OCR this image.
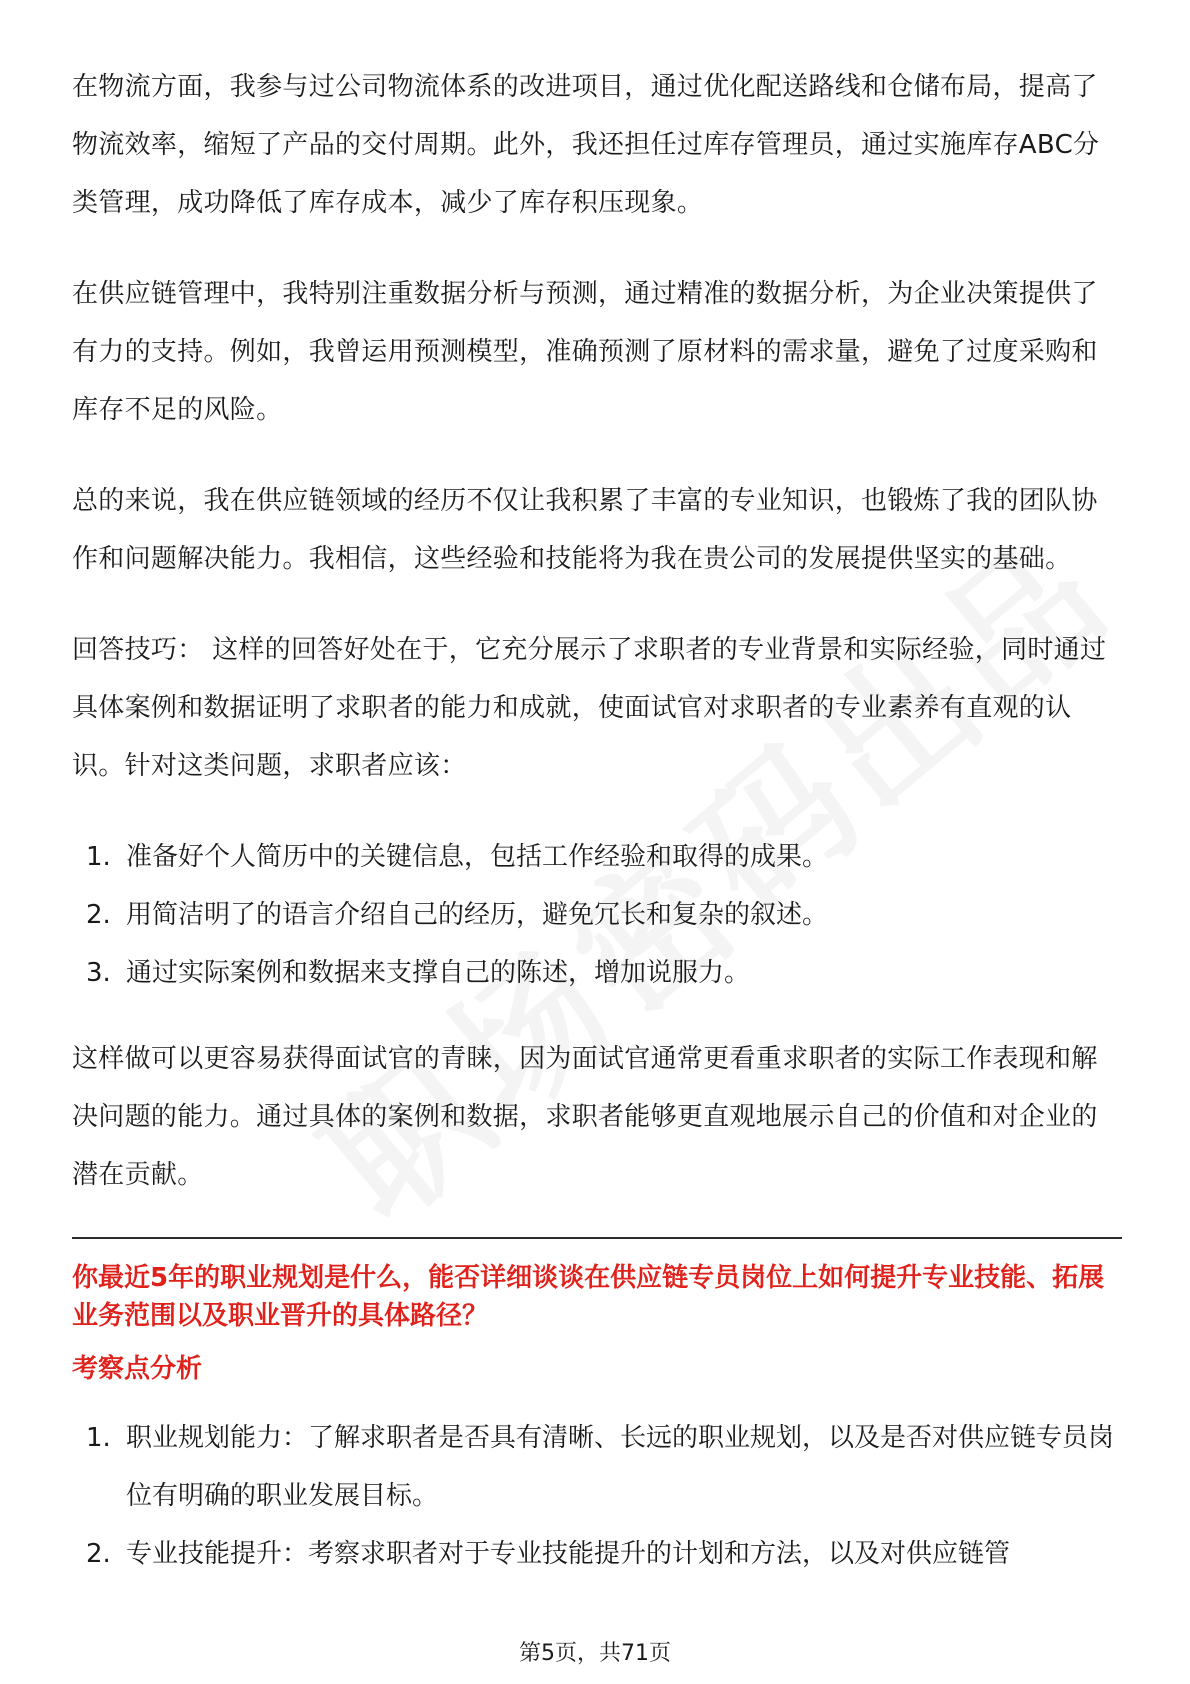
在物流方面，我参与过公司物流体系的改进项目，通过优化配送路线和仓储布局，提高了物流效率，缩短了产品的交付周期。此外，我还担任过库存管理员，通过实施库存ABC分类管理，成功降低了库存成本，减少了库存积压现象。

在供应链管理中，我特别注重数据分析与预测，通过精准的数据分析，为企业决策提供了有力的支持。例如，我曾运用预测模型，准确预测了原材料的需求量，避免了过度采购和库存不足的风险。

总的来说，我在供应链领域的经历不仅让我积累了丰富的专业知识，也锻炼了我的团队协作和问题解决能力。我相信，这些经验和技能将为我在贵公司的发展提供坚实的基础。

回答技巧： 这样的回答好处在于，它充分展示了求职者的专业背景和实际经验，同时通过具体案例和数据证明了求职者的能力和成就，使面试官对求职者的专业素养有直观的认识。针对这类问题，求职者应该：

1. 准备好个人简历中的关键信息，包括工作经验和取得的成果。
2. 用简洁明了的语言介绍自己的经历，避免冗长和复杂的叙述。
3. 通过实际案例和数据来支撑自己的陈述，增加说服力。

这样做可以更容易获得面试官的青睐，因为面试官通常更看重求职者的实际工作表现和解决问题的能力。通过具体的案例和数据，求职者能够更直观地展示自己的价值和对企业的潜在贡献。

你最近5年的职业规划是什么，能否详细谈谈在供应链专员岗位上如何提升专业技能、拓展业务范围以及职业晋升的具体路径？
考察点分析
1. 职业规划能力：了解求职者是否具有清晰、长远的职业规划，以及是否对供应链专员岗位有明确的职业发展目标。
2. 专业技能提升：考察求职者对于专业技能提升的计划和方法，以及对供应链管
第5页，共71页
